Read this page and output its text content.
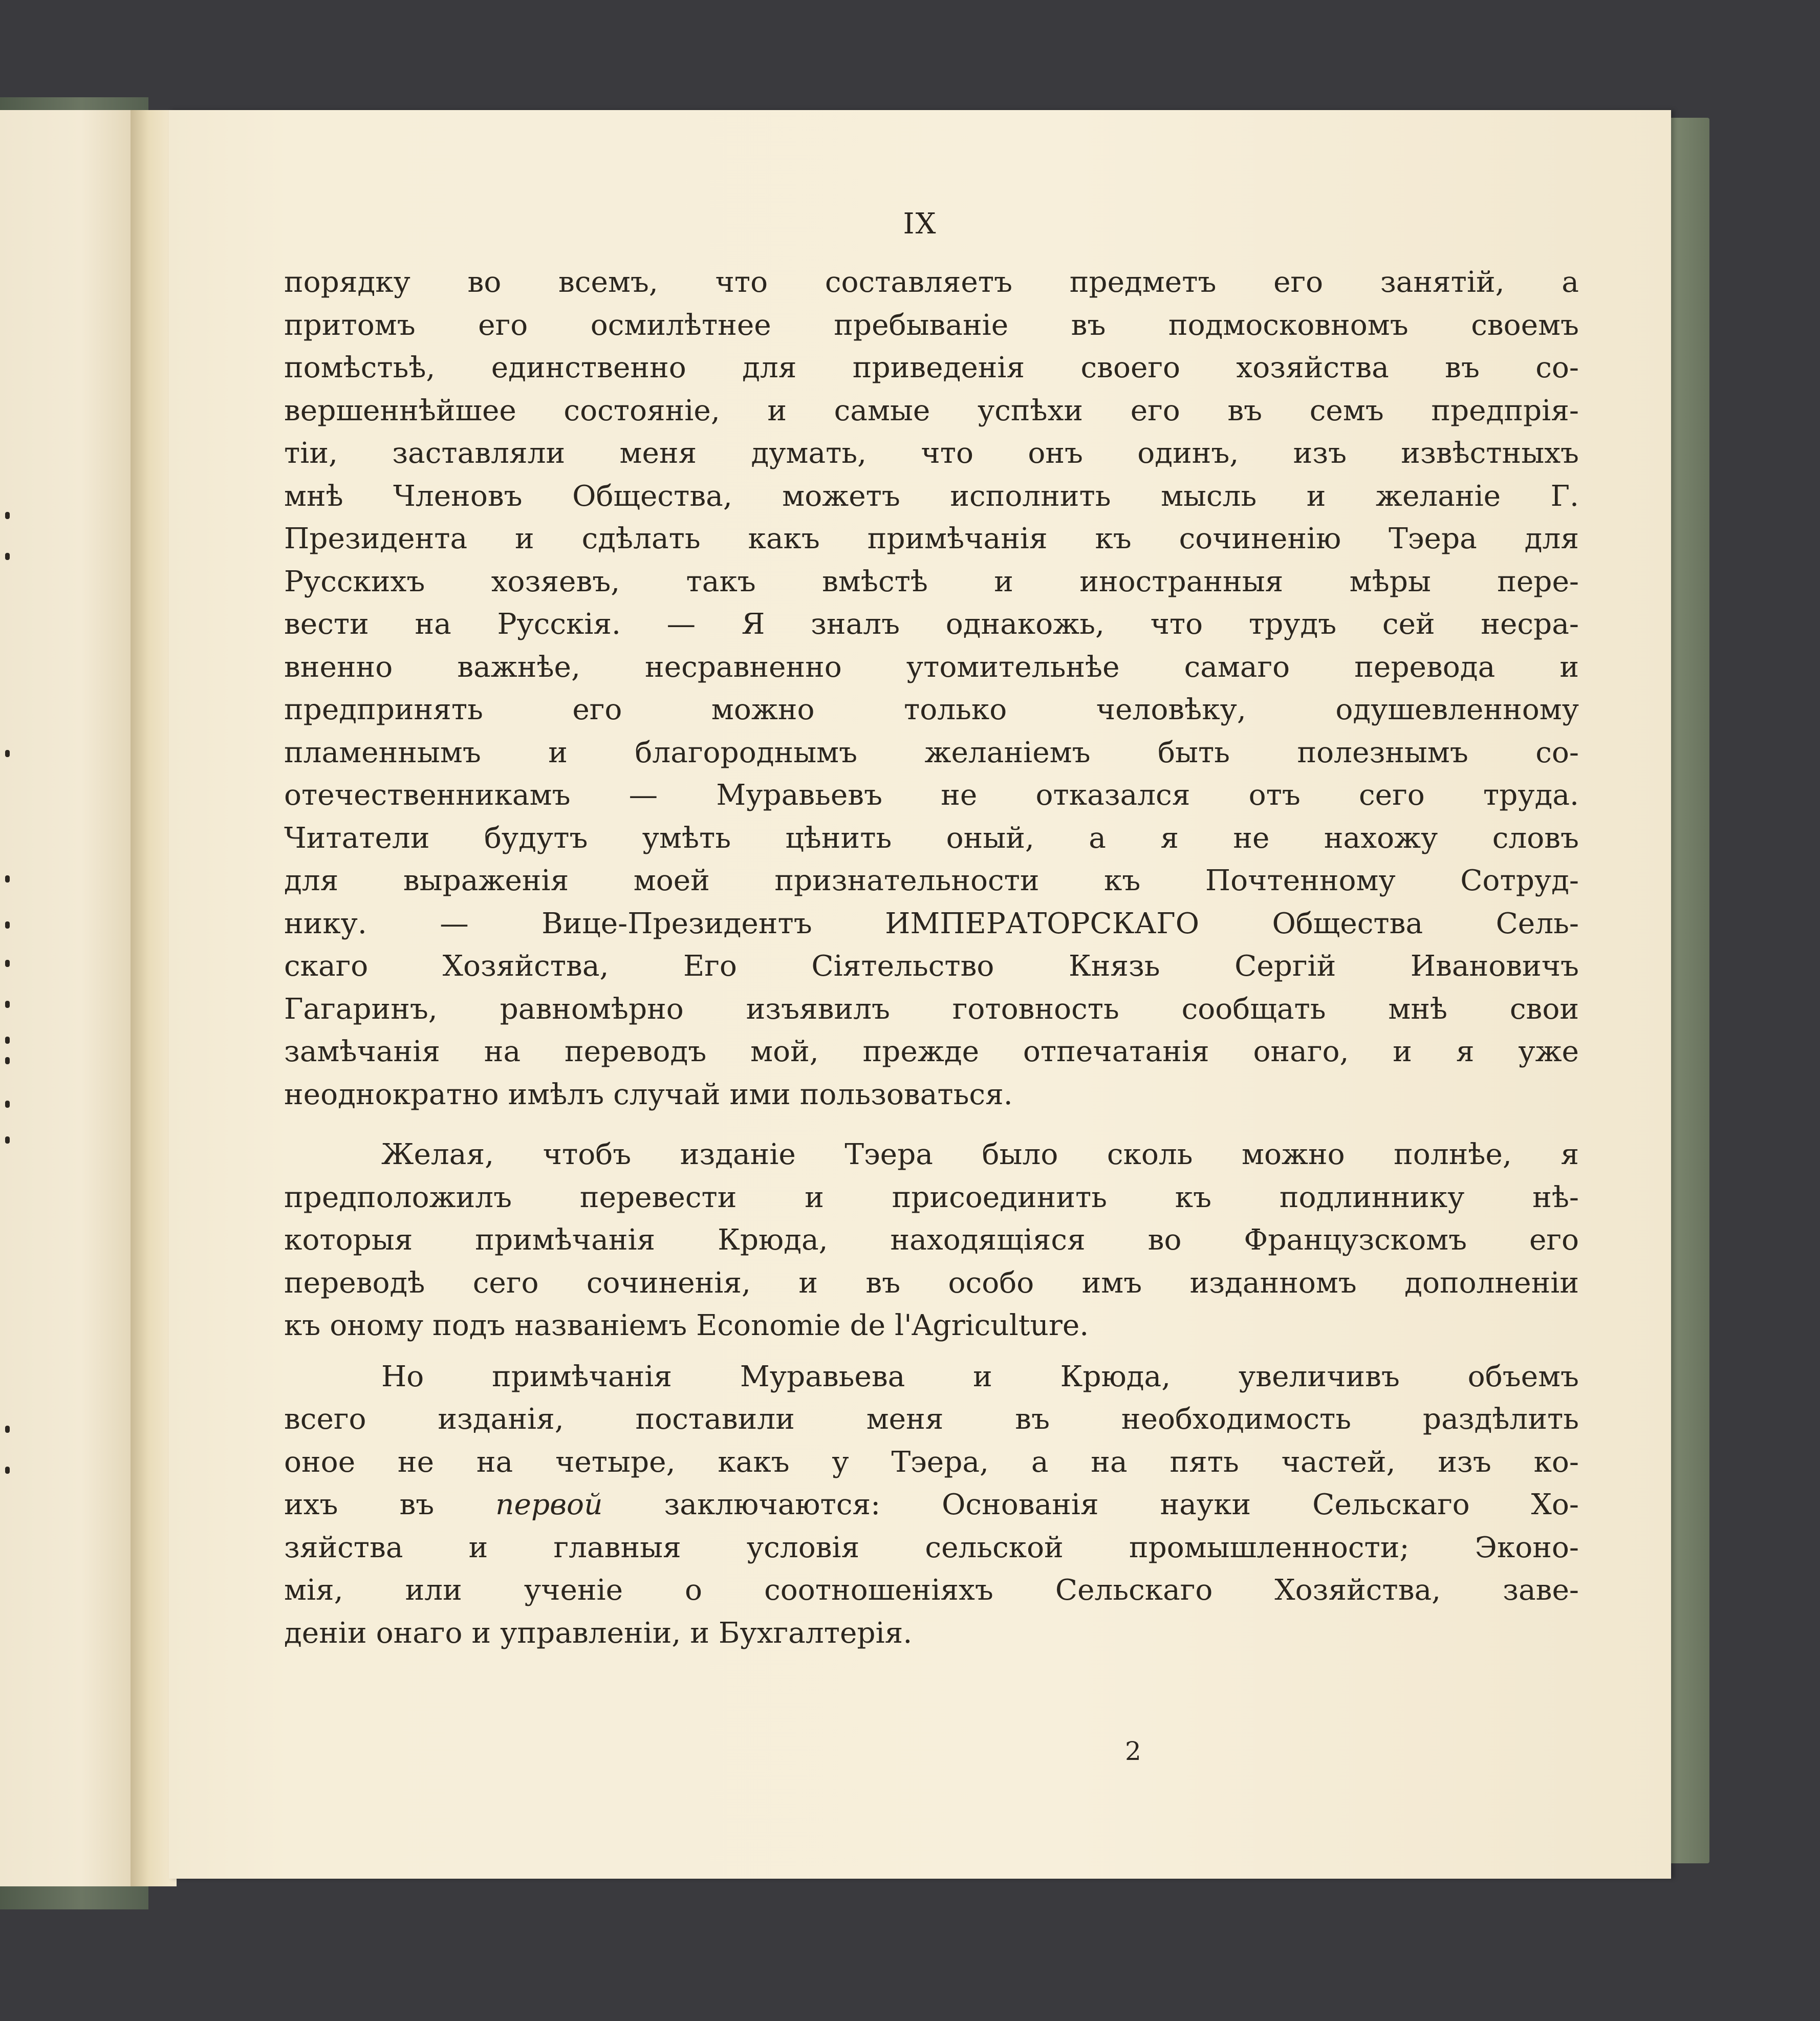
IX
порядку во всемъ, что составляетъ предметъ его занятій, а
притомъ его осмилѣтнее пребываніе въ подмосковномъ своемъ
помѣстьѣ, единственно для приведенія своего хозяйства въ со-
вершеннѣйшее состояніе, и самые успѣхи его въ семъ предпрія-
тіи, заставляли меня думать, что онъ одинъ, изъ извѣстныхъ
мнѣ Членовъ Общества, можетъ исполнить мысль и желаніе Г.
Президента и сдѣлать какъ примѣчанія къ сочиненію Тэера для
Русскихъ хозяевъ, такъ вмѣстѣ и иностранныя мѣры пере-
вести на Русскія. — Я зналъ однакожь, что трудъ сей несра-
вненно важнѣе, несравненно утомительнѣе самаго перевода и
предпринять его можно только человѣку, одушевленному
пламеннымъ и благороднымъ желаніемъ быть полезнымъ со-
отечественникамъ — Муравьевъ не отказался отъ сего труда.
Читатели будутъ умѣть цѣнить оный, а я не нахожу словъ
для выраженія моей признательности къ Почтенному Сотруд-
нику. — Вице-Президентъ ИМПЕРАТОРСКАГО Общества Сель-
скаго Хозяйства, Его Сіятельство Князь Сергій Ивановичъ
Гагаринъ, равномѣрно изъявилъ готовность сообщать мнѣ свои
замѣчанія на переводъ мой, прежде отпечатанія онаго, и я уже
неоднократно имѣлъ случай ими пользоваться.
Желая, чтобъ изданіе Тэера было сколь можно полнѣе, я
предположилъ перевести и присоединить къ подлиннику нѣ-
которыя примѣчанія Крюда, находящіяся во Французскомъ его
переводѣ сего сочиненія, и въ особо имъ изданномъ дополненіи
къ оному подъ названіемъ Economie de l'Agriculture.
Но примѣчанія Муравьева и Крюда, увеличивъ объемъ
всего изданія, поставили меня въ необходимость раздѣлить
оное не на четыре, какъ у Тэера, а на пять частей, изъ ко-
ихъ въ первой заключаются: Основанія науки Сельскаго Хо-
зяйства и главныя условія сельской промышленности; Эконо-
мія, или ученіе о соотношеніяхъ Сельскаго Хозяйства, заве-
деніи онаго и управленіи, и Бухгалтерія.
2
